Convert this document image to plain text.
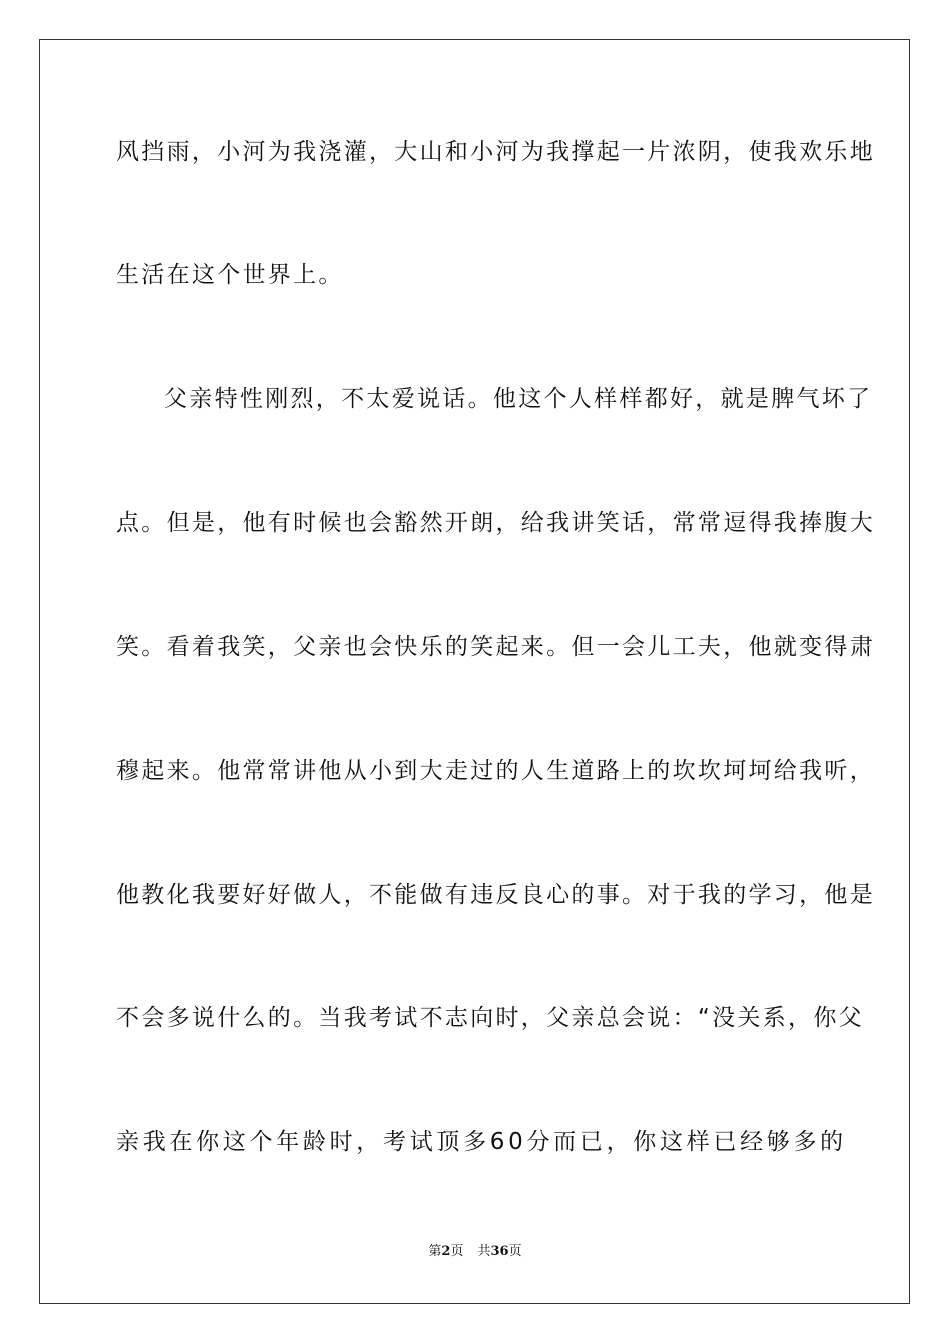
风挡雨，小河为我浇灌，大山和小河为我撑起一片浓阴，使我欢乐地
生活在这个世界上。
父亲特性刚烈，不太爱说话。他这个人样样都好，就是脾气坏了
点。但是，他有时候也会豁然开朗，给我讲笑话，常常逗得我捧腹大
笑。看着我笑，父亲也会快乐的笑起来。但一会儿工夫，他就变得肃
穆起来。他常常讲他从小到大走过的人生道路上的坎坎坷坷给我听，
他教化我要好好做人，不能做有违反良心的事。对于我的学习，他是
不会多说什么的。当我考试不志向时，父亲总会说：“没关系，你父
亲我在你这个年龄时，考试顶多60分而已，你这样已经够多的
第2页 共36页
